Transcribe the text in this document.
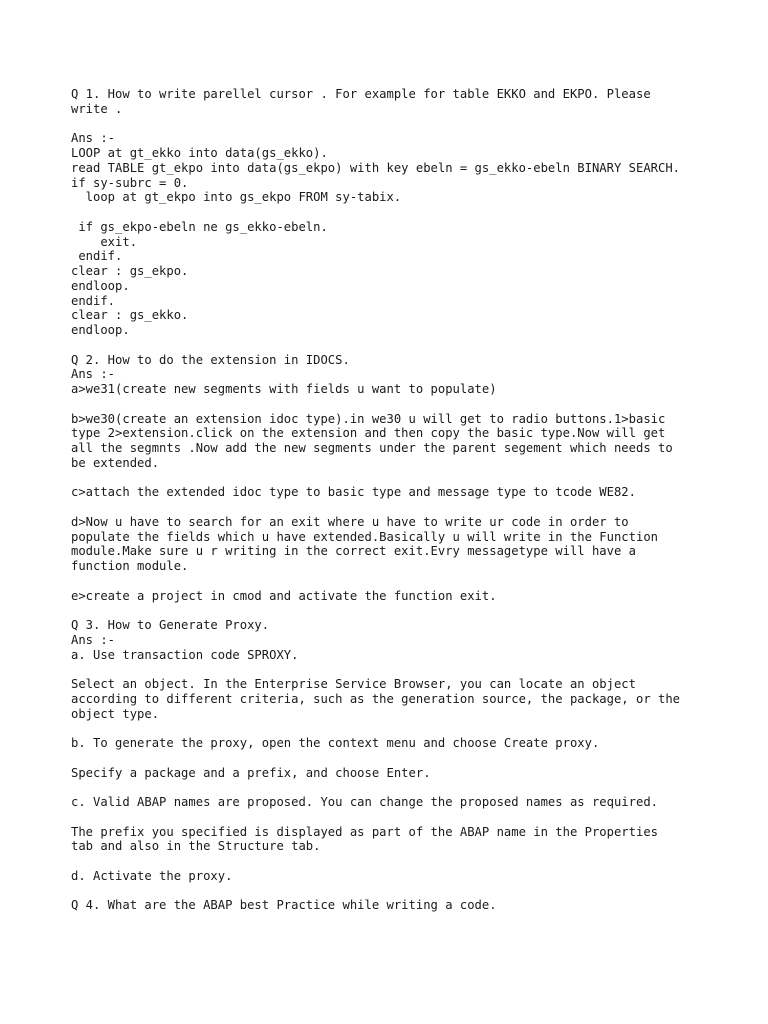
Q 1. How to write parellel cursor . For example for table EKKO and EKPO. Please
write .
Ans :-
LOOP at gt_ekko into data(gs_ekko).
read TABLE gt_ekpo into data(gs_ekpo) with key ebeln = gs_ekko-ebeln BINARY SEARCH.
if sy-subrc = 0.
loop at gt_ekpo into gs_ekpo FROM sy-tabix.
if gs_ekpo-ebeln ne gs_ekko-ebeln.
exit.
endif.
clear : gs_ekpo.
endloop.
endif.
clear : gs_ekko.
endloop.
Q 2. How to do the extension in IDOCS.
Ans :-
a>we31(create new segments with fields u want to populate)
b>we30(create an extension idoc type).in we30 u will get to radio buttons.1>basic
type 2>extension.click on the extension and then copy the basic type.Now will get
all the segmnts .Now add the new segments under the parent segement which needs to
be extended.
c>attach the extended idoc type to basic type and message type to tcode WE82.
d>Now u have to search for an exit where u have to write ur code in order to
populate the fields which u have extended.Basically u will write in the Function
module.Make sure u r writing in the correct exit.Evry messagetype will have a
function module.
e>create a project in cmod and activate the function exit.
Q 3. How to Generate Proxy.
Ans :-
a. Use transaction code SPROXY.
Select an object. In the Enterprise Service Browser, you can locate an object
according to different criteria, such as the generation source, the package, or the
object type.
b. To generate the proxy, open the context menu and choose Create proxy.
Specify a package and a prefix, and choose Enter.
c. Valid ABAP names are proposed. You can change the proposed names as required.
The prefix you specified is displayed as part of the ABAP name in the Properties
tab and also in the Structure tab.
d. Activate the proxy.
Q 4. What are the ABAP best Practice while writing a code.
